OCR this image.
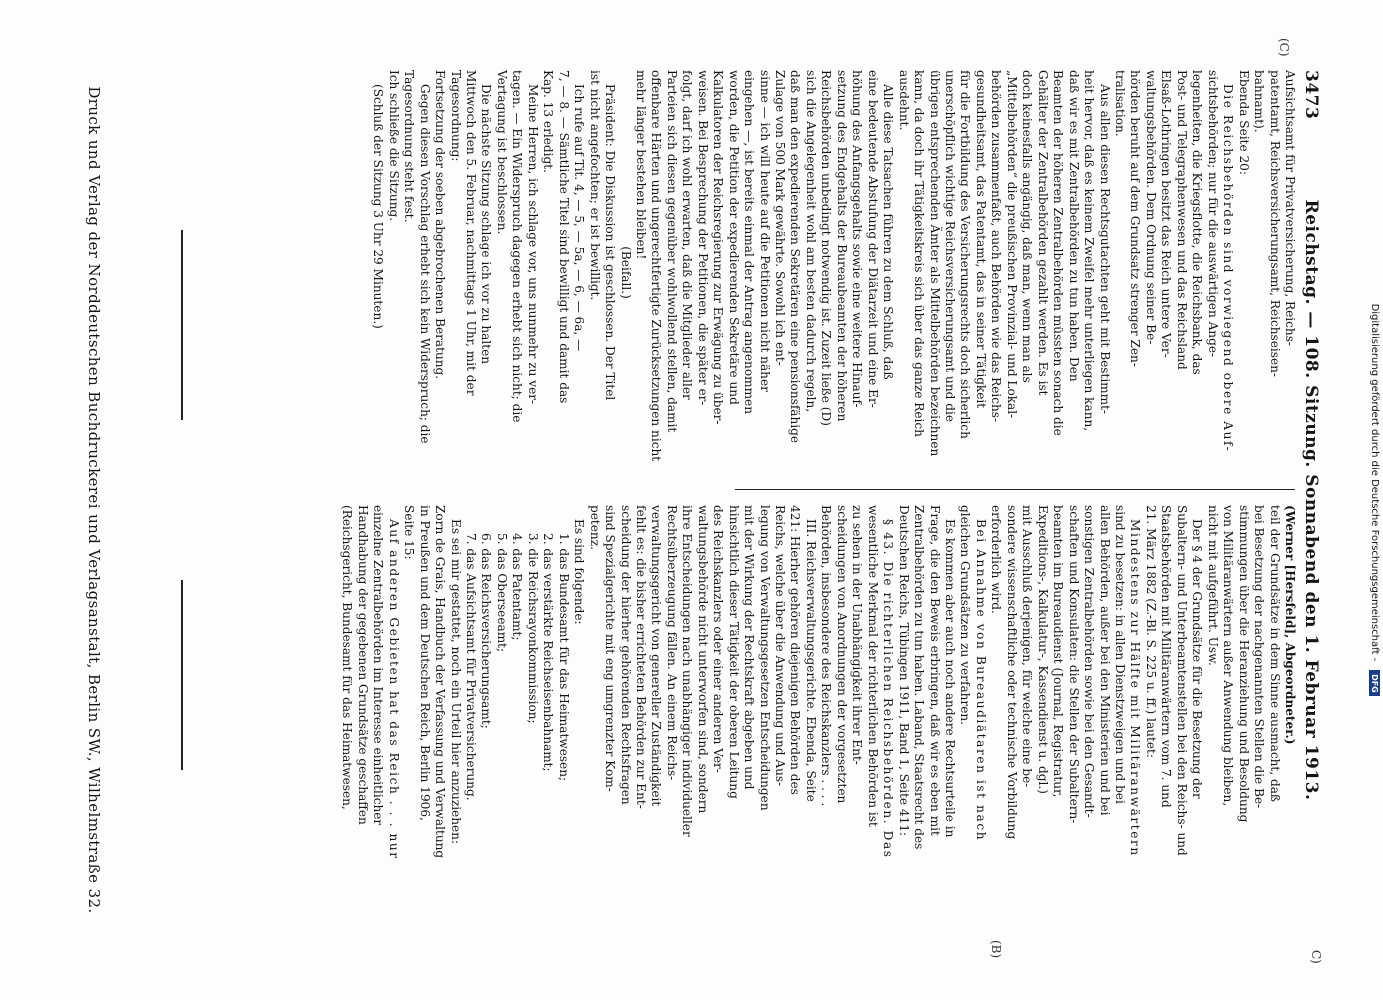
3473
Reichstag. — 108. Sitzung. Sonnabend den 1. Februar 1913.
(C)
C)
(B)

Aufsichtsamt für Privatversicherung, Reichs-

patentamt, Reichsversicherungsamt, Reichseisen-

bahnamt).

Ebenda Seite 20:

Die Reichsbehörden sind vorwiegend obere Auf-

sichtsbehörden; nur für die auswärtigen Ange-

legenheiten, die Kriegsflotte, die Reichsbank, das

Post- und Telegraphenwesen und das Reichsland

Elsaß-Lothringen besitzt das Reich untere Ver-

waltungsbehörden. Dem Ordnung seiner Be-

hörden beruht auf dem Grundsatz strenger Zen-

tralisation.

Aus allen diesen Rechtsgutachten geht mit Bestimmt-

heit hervor, daß es keinem Zweifel mehr unterliegen kann,

daß wir es mit Zentralbehörden zu tun haben. Den

Beamten der höheren Zentralbehörden müssten sonach die

Gehälter der Zentralbehörden gezahlt werden. Es ist

doch keinesfalls angängig, daß man, wenn man als

„Mittelbehörden“ die preußischen Provinzial- und Lokal-

behörden zusammenfaßt, auch Behörden wie das Reichs-

gesundheitsamt, das Patentamt, das in seiner Tätigkeit

für die Fortbildung des Versicherungsrechts doch sicherlich

unerschöpflich wichtige Reichsversicherungsamt und die

übrigen entsprechenden Ämter als Mittelbehörden bezeichnen

kann, da doch ihr Tätigkeitskreis sich über das ganze Reich

ausdehnt.

Alle diese Tatsachen führen zu dem Schluß, daß

eine bedeutende Abstufung der Diätarzeit und eine Er-

höhung des Anfangsgehalts sowie eine weitere Hinauf-

setzung des Endgehalts der Bureaubeamten der höheren

Reichsbehörden unbedingt notwendig ist. Zuzeit ließe (D)

sich die Angelegenheit wohl am besten dadurch regeln,

daß man den expedierenden Sekretären eine pensionsfähige

Zulage von 500 Mark gewährte. Sowohl ich ent-

sinne — ich will heute auf die Petitionen nicht näher

eingehen —, ist bereits einmal der Antrag angenommen

worden, die Petition der expedierenden Sekretäre und

Kalkulatoren der Reichsregierung zur Erwägung zu über-

weisen. Bei Besprechung der Petitionen, die später er-

folgt, darf ich wohl erwarten, daß die Mitglieder aller

Parteien sich diesen gegenüber wohlwollend stellen, damit

offenbare Härten und ungerechtfertigte Zurücksetzungen nicht

mehr länger bestehen bleiben!

(Beifall.)

Präsident: Die Diskussion ist geschlossen. Der Titel

ist nicht angefochten; er ist bewilligt.

Ich rufe auf Tit. 4, — 5, — 5a, — 6, — 6a, —

7, — 8. — Sämtliche Titel sind bewilligt und damit das

Kap. 13 erledigt.

Meine Herren, ich schlage vor, uns nunmehr zu ver-

tagen. — Ein Widerspruch dagegen erhebt sich nicht; die

Vertagung ist beschlossen.

Die nächste Sitzung schlage ich vor zu halten

Mittwoch den 5. Februar, nachmittags 1 Uhr, mit der

Tagesordnung:

Fortsetzung der soeben abgebrochenen Beratung.

Gegen diesen Vorschlag erhebt sich kein Widerspruch; die

Tagesordnung steht fest.

Ich schließe die Sitzung.

(Schluß der Sitzung 3 Uhr 29 Minuten.)

(Werner [Hersfeld], Abgeordneter.)

teil der Grundsätze in dem Sinne ausmacht, daß

bei Besetzung der nachgenannten Stellen die Be-

stimmungen über die Heranziehung und Besoldung

von Militäranwärtern außer Anwendung bleiben,

nicht mit aufgeführt. Usw.

Der § 4 der Grundsätze für die Besetzung der

Subaltern- und Unterbeamtenstellen bei den Reichs- und

Staatsbehörden mit Militäranwärtern vom 7. und

21. März 1882 (Z.-Bl. S. 225 u. ff.) lautet:

Mindestens zur Hälfte mit Militäranwärtern

sind zu besetzen: in allen Dienstzweigen und bei

allen Behörden, außer bei den Ministerien und bei

sonstigen Zentralbehörden sowie bei den Gesandt-

schaften und Konsulaten: die Stellen der Subaltern-

beamten im Bureaudienst (Journal, Registratur,

Expeditions-, Kalkulatur-, Kassendienst u. dgl.)

mit Ausschluß derjenigen, für welche eine be-

sondere wissenschaftliche oder technische Vorbildung

erforderlich wird.

Bei Annahme von Bureaudiätaren ist nach

gleichen Grundsätzen zu verfahren.

Es kommen aber auch noch andere Rechtsurteile in

Frage, die den Beweis erbringen, daß wir es eben mit

Zentralbehörden zu tun haben. Laband, Staatsrecht des

Deutschen Reichs, Tübingen 1911, Band 1, Seite 411:

§ 43. Die richterlichen Reichsbehörden. Das

wesentliche Merkmal der richterlichen Behörden ist

zu sehen in der Unabhängigkeit ihrer Ent-

scheidungen von Anordnungen der vorgesetzten

Behörden, insbesondere des Reichskanzlers . . . .

III. Reichsverwaltungsgerichte. Ebenda, Seite

421: Hierher gehören diejenigen Behörden des

Reichs, welche über die Anwendung und Aus-

legung von Verwaltungsgesetzen Entscheidungen

mit der Wirkung der Rechtskraft abgeben und

hinsichtlich dieser Tätigkeit der oberen Leitung

des Reichskanzlers oder einer anderen Ver-

waltungsbehörde nicht unterworfen sind, sondern

ihre Entscheidungen nach unabhängiger individueller

Rechtsüberzeugung fällen. An einem Reichs-

verwaltungsgericht von genereller Zuständigkeit

fehlt es: die bisher errichteten Behörden zur Ent-

scheidung der hierher gehörenden Rechtsfragen

sind Spezialgerichte mit eng umgrenzter Kom-

petenz.

Es sind folgende:

1. das Bundesamt für das Heimatwesen;

2. das verstärkte Reichseisenbahnamt;

3. die Reichsrayonkommission;

4. das Patentamt;

5. das Oberseeamt;

6. das Reichsversicherungsamt;

7. das Aufsichtsamt für Privatversicherung.

Es sei mir gestattet, noch ein Urteil hier anzuziehen:

Zorn de Grais, Handbuch der Verfassung und Verwaltung

in Preußen und dem Deutschen Reich, Berlin 1906,

Seite 15:

Auf anderen Gebieten hat das Reich . . . nur

einzelne Zentralbehörden im Interesse einheitlicher

Handhabung der gegebenen Grundsätze geschaffen

(Reichsgericht, Bundesamt für das Heimatwesen,

Druck und Verlag der Norddeutschen Buchdruckerei und Verlagsanstalt, Berlin SW., Wilhelmstraße 32.	Digitalisierung gefördert durch die Deutsche Forschungsgemeinschaft - DFG
